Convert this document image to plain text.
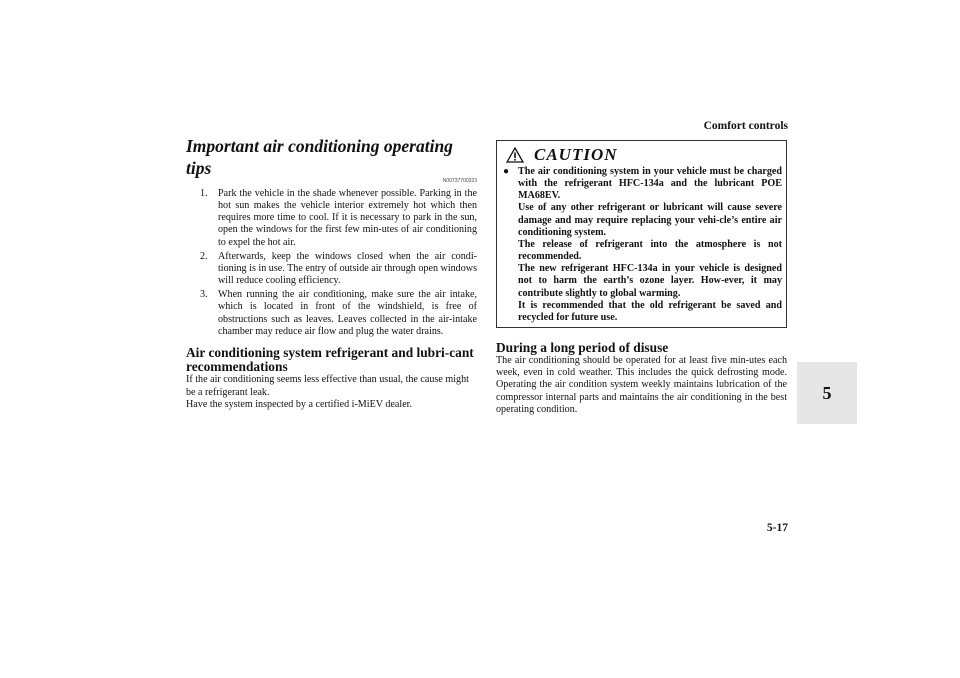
Comfort controls
5-17
5
Important air conditioning operating tips
N00737700323
1. Park the vehicle in the shade whenever possible. Parking in the hot sun makes the vehicle interior extremely hot which then requires more time to cool. If it is necessary to park in the sun, open the windows for the first few min-utes of air conditioning to expel the hot air.
2. Afterwards, keep the windows closed when the air condi-tioning is in use. The entry of outside air through open windows will reduce cooling efficiency.
3. When running the air conditioning, make sure the air intake, which is located in front of the windshield, is free of obstructions such as leaves. Leaves collected in the air-intake chamber may reduce air flow and plug the water drains.
Air conditioning system refrigerant and lubri-cant recommendations

If the air conditioning seems less effective than usual, the cause might be a refrigerant leak.

Have the system inspected by a certified i-MiEV dealer.

CAUTION
● The air conditioning system in your vehicle must be charged with the refrigerant HFC-134a and the lubricant POE MA68EV.

Use of any other refrigerant or lubricant will cause severe damage and may require replacing your vehi-cle’s entire air conditioning system.

The release of refrigerant into the atmosphere is not recommended.

The new refrigerant HFC-134a in your vehicle is designed not to harm the earth’s ozone layer. How-ever, it may contribute slightly to global warming.

It is recommended that the old refrigerant be saved and recycled for future use.

During a long period of disuse

The air conditioning should be operated for at least five min-utes each week, even in cold weather. This includes the quick defrosting mode. Operating the air condition system weekly maintains lubrication of the compressor internal parts and maintains the air conditioning in the best operating condition.
